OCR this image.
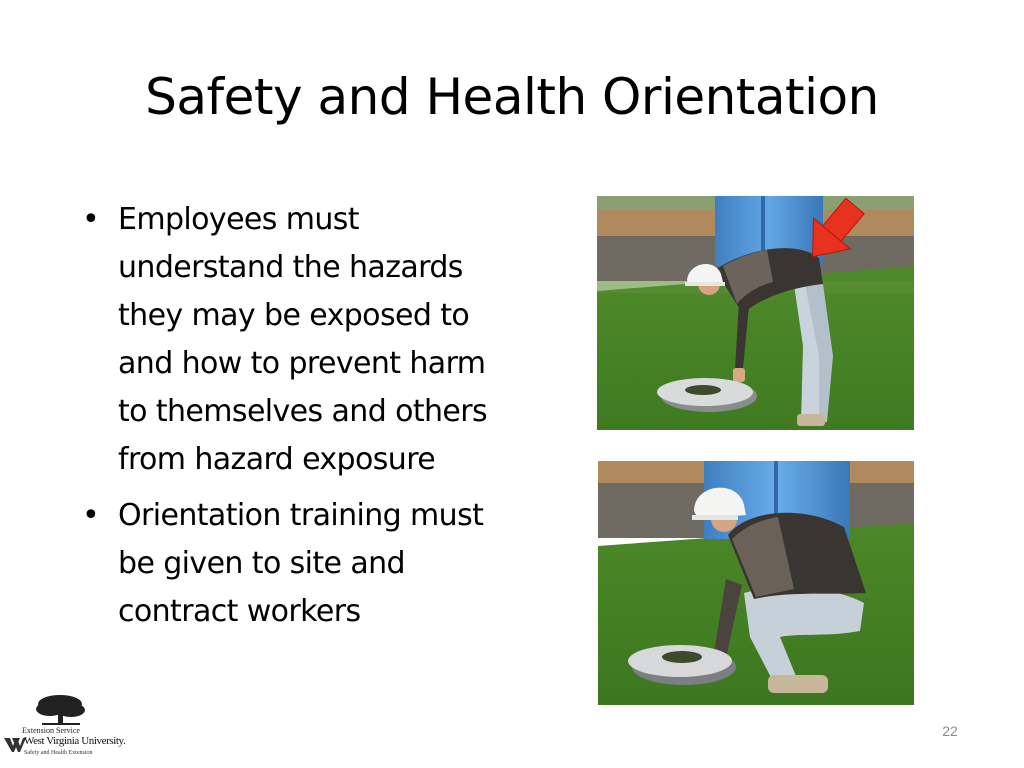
Safety and Health Orientation
• Employees must
understand the hazards
they may be exposed to
and how to prevent harm
to themselves and others
from hazard exposure
• Orientation training must
be given to site and
contract workers
Extension Service
West Virginia University.
Safety and Health Extension
22
